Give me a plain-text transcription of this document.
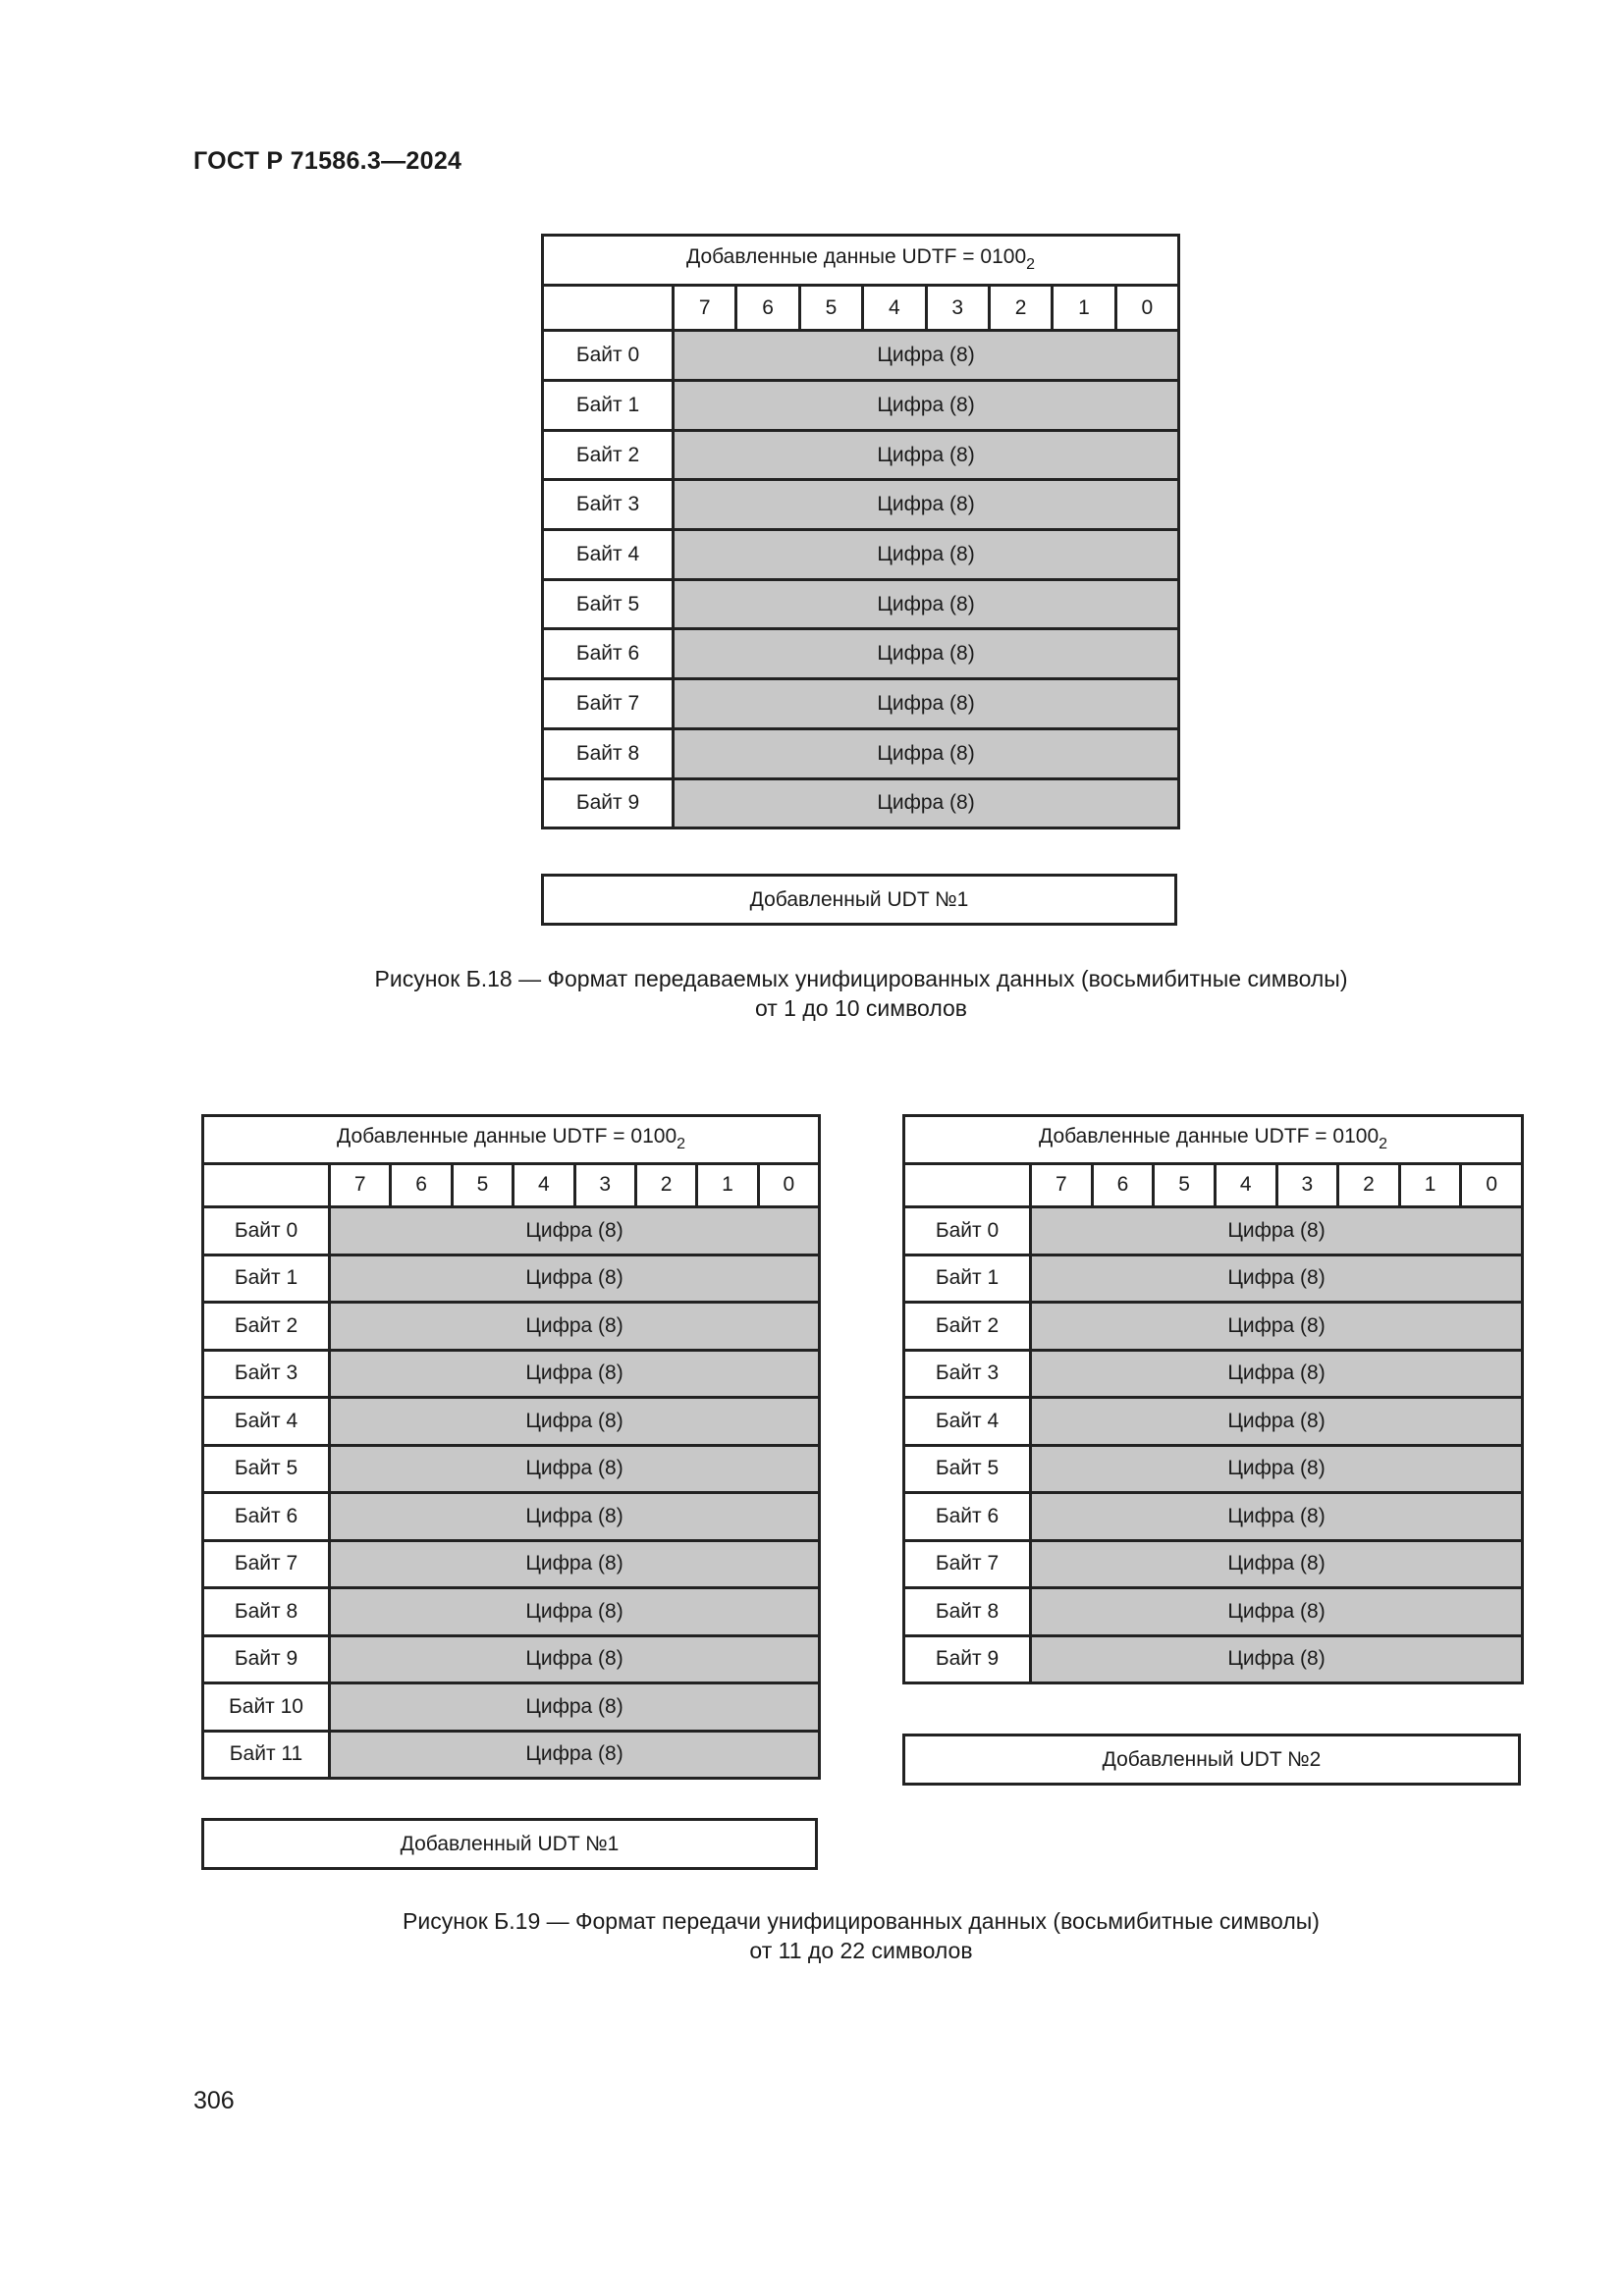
ГОСТ Р 71586.3—2024
Добавленные данные UDTF = $0100_2$
	7	6	5	4	3	2	1	0
Байт 0	Цифра (8)							
Байт 1	Цифра (8)							
Байт 2	Цифра (8)							
Байт 3	Цифра (8)							
Байт 4	Цифра (8)							
Байт 5	Цифра (8)							
Байт 6	Цифра (8)							
Байт 7	Цифра (8)							
Байт 8	Цифра (8)							
Байт 9	Цифра (8)							
Добавленный UDT №1
Рисунок Б.18 — Формат передаваемых унифицированных данных (восьмибитные символы)
от 1 до 10 символов
Добавленные данные UDTF = $0100_2$
	7	6	5	4	3	2	1	0
Байт 0	Цифра (8)							
Байт 1	Цифра (8)							
Байт 2	Цифра (8)							
Байт 3	Цифра (8)							
Байт 4	Цифра (8)							
Байт 5	Цифра (8)							
Байт 6	Цифра (8)							
Байт 7	Цифра (8)							
Байт 8	Цифра (8)							
Байт 9	Цифра (8)							
Байт 10	Цифра (8)							
Байт 11	Цифра (8)							
Добавленный UDT №1
Добавленные данные UDTF = $0100_2$
	7	6	5	4	3	2	1	0
Байт 0	Цифра (8)							
Байт 1	Цифра (8)							
Байт 2	Цифра (8)							
Байт 3	Цифра (8)							
Байт 4	Цифра (8)							
Байт 5	Цифра (8)							
Байт 6	Цифра (8)							
Байт 7	Цифра (8)							
Байт 8	Цифра (8)							
Байт 9	Цифра (8)							
Добавленный UDT №2
Рисунок Б.19 — Формат передачи унифицированных данных (восьмибитные символы)
от 11 до 22 символов
306
